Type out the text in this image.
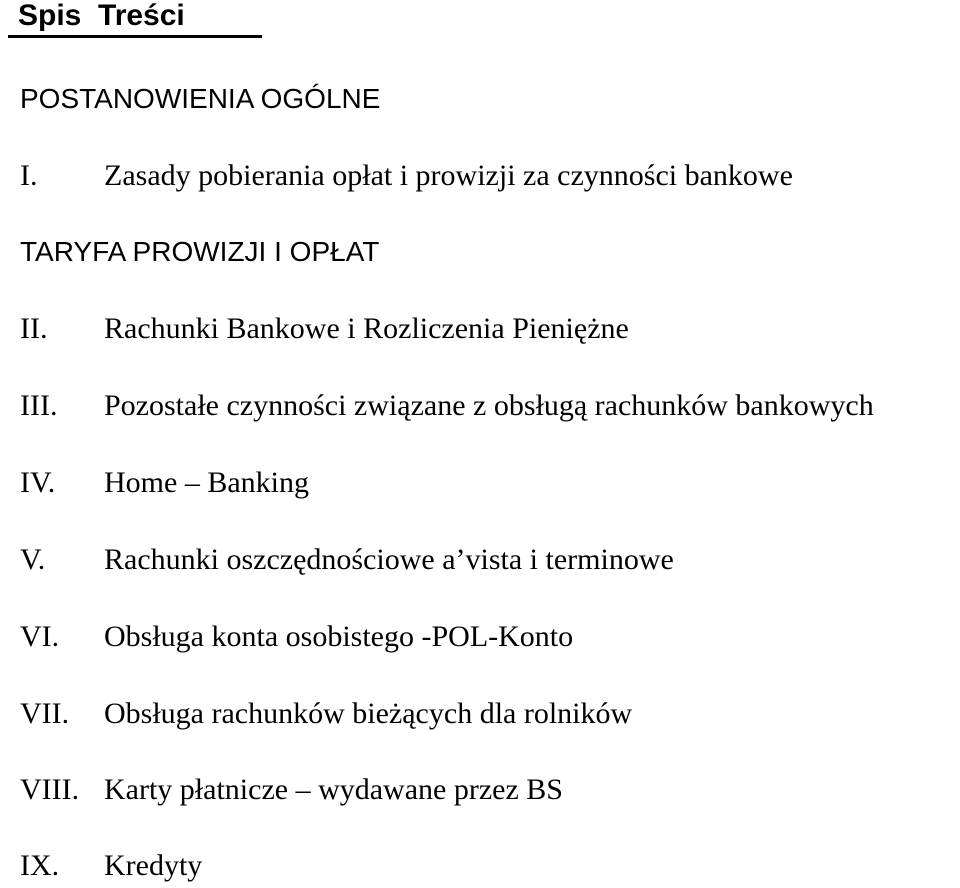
Spis  Treści
POSTANOWIENIA OGÓLNE
I. Zasady pobierania opłat i prowizji za czynności bankowe
TARYFA PROWIZJI I OPŁAT
II. Rachunki Bankowe i Rozliczenia Pieniężne
III. Pozostałe czynności związane z obsługą rachunków bankowych
IV. Home – Banking
V. Rachunki oszczędnościowe a’vista i terminowe
VI. Obsługa konta osobistego -POL-Konto
VII. Obsługa rachunków bieżących dla rolników
VIII. Karty płatnicze – wydawane przez BS
IX. Kredyty
